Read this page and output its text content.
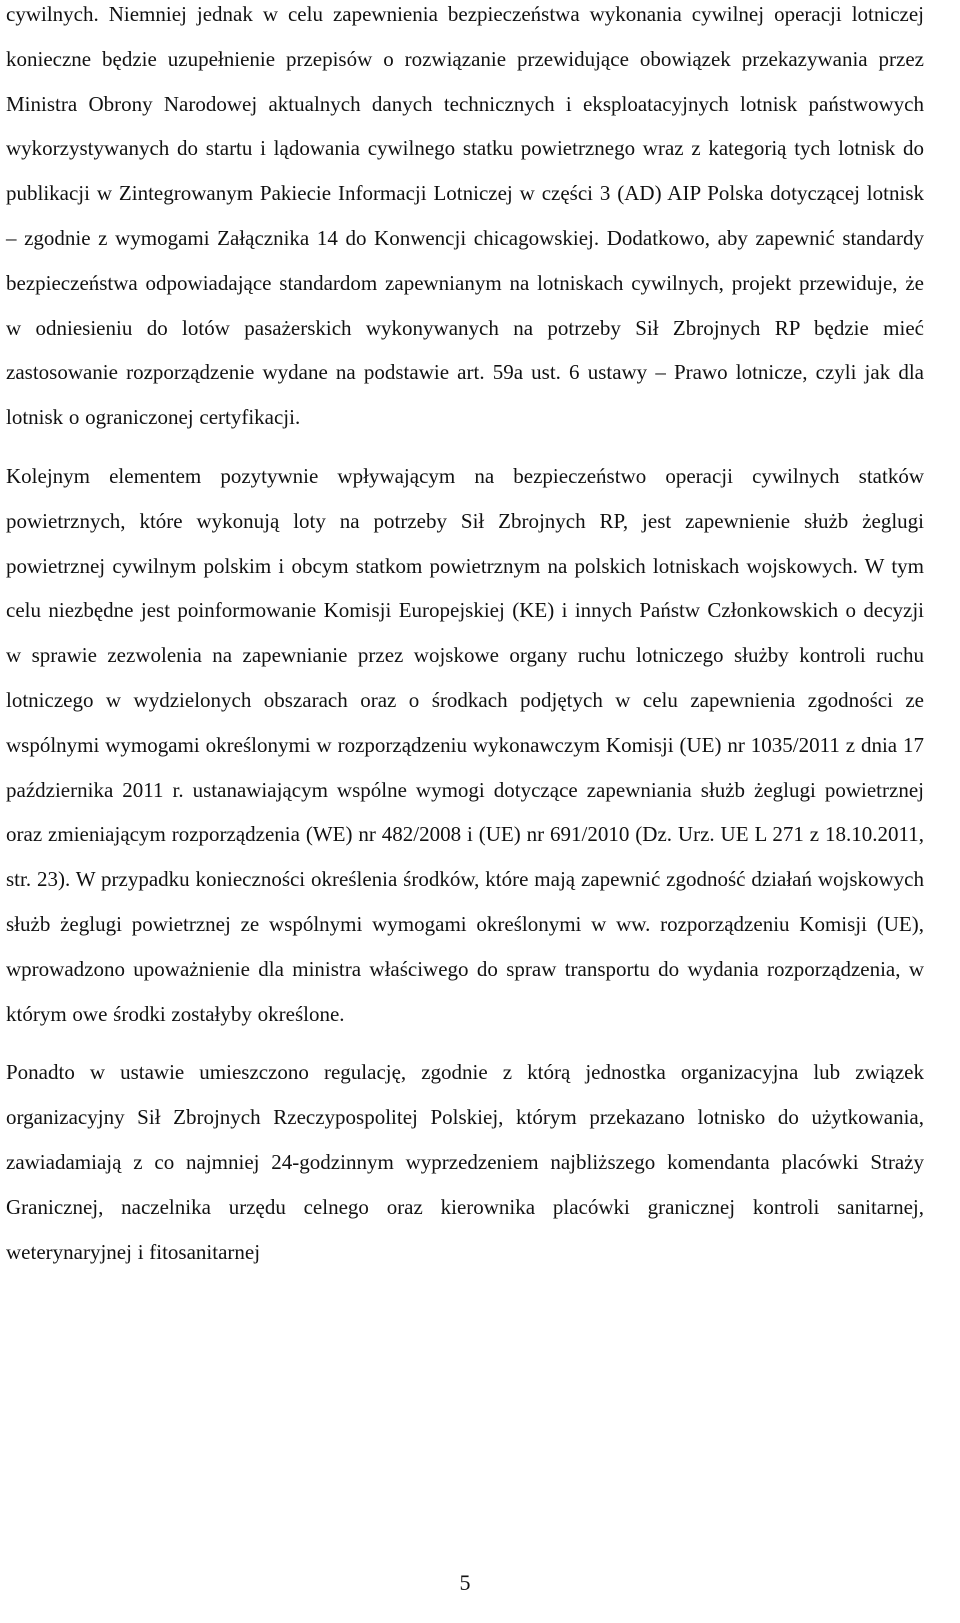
cywilnych. Niemniej jednak w celu zapewnienia bezpieczeństwa wykonania cywilnej operacji lotniczej konieczne będzie uzupełnienie przepisów o rozwiązanie przewidujące obowiązek przekazywania przez Ministra Obrony Narodowej aktualnych danych technicznych i eksploatacyjnych lotnisk państwowych wykorzystywanych do startu i lądowania cywilnego statku powietrznego wraz z kategorią tych lotnisk do publikacji w Zintegrowanym Pakiecie Informacji Lotniczej w części 3 (AD) AIP Polska dotyczącej lotnisk – zgodnie z wymogami Załącznika 14 do Konwencji chicagowskiej. Dodatkowo, aby zapewnić standardy bezpieczeństwa odpowiadające standardom zapewnianym na lotniskach cywilnych, projekt przewiduje, że w odniesieniu do lotów pasażerskich wykonywanych na potrzeby Sił Zbrojnych RP będzie mieć zastosowanie rozporządzenie wydane na podstawie art. 59a ust. 6 ustawy – Prawo lotnicze, czyli jak dla lotnisk o ograniczonej certyfikacji.

Kolejnym elementem pozytywnie wpływającym na bezpieczeństwo operacji cywilnych statków powietrznych, które wykonują loty na potrzeby Sił Zbrojnych RP, jest zapewnienie służb żeglugi powietrznej cywilnym polskim i obcym statkom powietrznym na polskich lotniskach wojskowych. W tym celu niezbędne jest poinformowanie Komisji Europejskiej (KE) i innych Państw Członkowskich o decyzji w sprawie zezwolenia na zapewnianie przez wojskowe organy ruchu lotniczego służby kontroli ruchu lotniczego w wydzielonych obszarach oraz o środkach podjętych w celu zapewnienia zgodności ze wspólnymi wymogami określonymi w rozporządzeniu wykonawczym Komisji (UE) nr 1035/2011 z dnia 17 października 2011 r. ustanawiającym wspólne wymogi dotyczące zapewniania służb żeglugi powietrznej oraz zmieniającym rozporządzenia (WE) nr 482/2008 i (UE) nr 691/2010 (Dz. Urz. UE L 271 z 18.10.2011, str. 23). W przypadku konieczności określenia środków, które mają zapewnić zgodność działań wojskowych służb żeglugi powietrznej ze wspólnymi wymogami określonymi w ww. rozporządzeniu Komisji (UE), wprowadzono upoważnienie dla ministra właściwego do spraw transportu do wydania rozporządzenia, w którym owe środki zostałyby określone.

Ponadto w ustawie umieszczono regulację, zgodnie z którą jednostka organizacyjna lub związek organizacyjny Sił Zbrojnych Rzeczypospolitej Polskiej, którym przekazano lotnisko do użytkowania, zawiadamiają z co najmniej 24-godzinnym wyprzedzeniem najbliższego komendanta placówki Straży Granicznej, naczelnika urzędu celnego oraz kierownika placówki granicznej kontroli sanitarnej, weterynaryjnej i fitosanitarnej

5
